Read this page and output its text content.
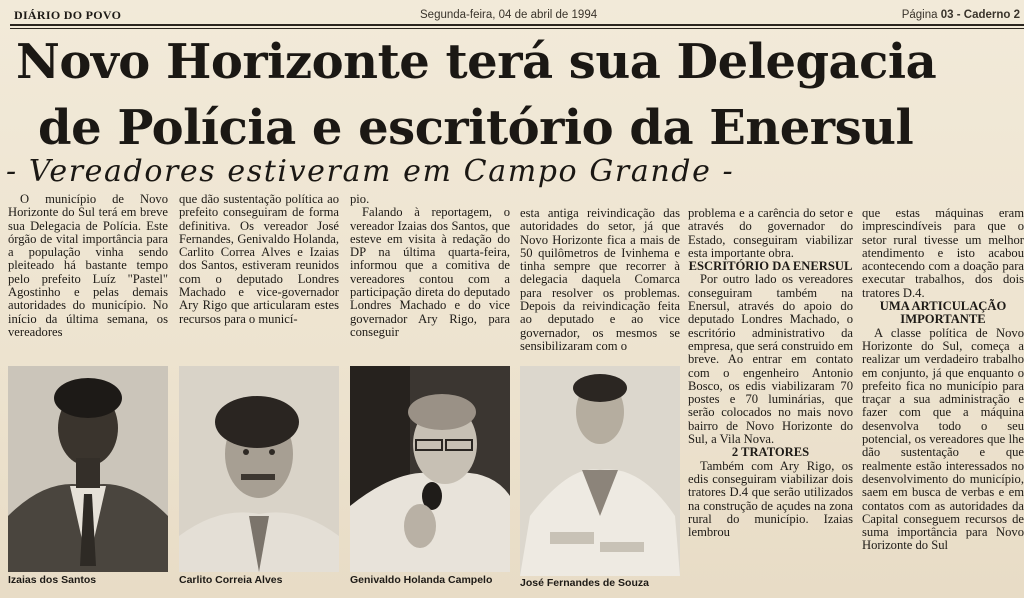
DIÁRIO DO POVO	Segunda-feira, 04 de abril de 1994	Página 03 - Caderno 2
Novo Horizonte terá sua Delegacia
de Polícia e escritório da Enersul
- Vereadores estiveram em Campo Grande -

O município de Novo Horizonte do Sul terá em breve sua Delegacia de Polícia. Este órgão de vital importância para a população vinha sendo pleiteado há bastante tempo pelo prefeito Luíz "Pastel" Agostinho e pelas demais autoridades do município. No início da última semana, os vereadores

que dão sustentação política ao prefeito conseguiram de forma definitiva. Os vereador José Fernandes, Genivaldo Holanda, Carlito Correa Alves e Izaias dos Santos, estiveram reunidos com o deputado Londres Machado e vice-governador Ary Rigo que articularam estes recursos para o municí-

pio.

Falando à reportagem, o vereador Izaias dos Santos, que esteve em visita à redação do DP na última quarta-feira, informou que a comitiva de vereadores contou com a participação direta do deputado Londres Machado e do vice governador Ary Rigo, para conseguir

esta antiga reivindicação das autoridades do setor, já que Novo Horizonte fica a mais de 50 quilômetros de Ivinhema e tinha sempre que recorrer à delegacia daquela Comarca para resolver os problemas. Depois da reivindicação feita ao deputado e ao vice governador, os mesmos se sensibilizaram com o

problema e a carência do setor e através do governador do Estado, conseguiram viabilizar esta importante obra.

ESCRITÓRIO DA ENERSUL

Por outro lado os vereadores conseguiram também na Enersul, através do apoio do deputado Londres Machado, o escritório administrativo da empresa, que será construido em breve. Ao entrar em contato com o engenheiro Antonio Bosco, os edis viabilizaram 70 postes e 70 luminárias, que serão colocados no mais novo bairro de Novo Horizonte do Sul, a Vila Nova.

2 TRATORES

Também com Ary Rigo, os edis conseguiram viabilizar dois tratores D.4 que serão utilizados na construção de açudes na zona rural do município. Izaias lembrou

que estas máquinas eram imprescindíveis para que o setor rural tivesse um melhor atendimento e isto acabou acontecendo com a doação para executar trabalhos, dos dois tratores D.4.

UMA ARTICULAÇÃO IMPORTANTE

A classe política de Novo Horizonte do Sul, começa a realizar um verdadeiro trabalho em conjunto, já que enquanto o prefeito fica no município para traçar a sua administração e fazer com que a máquina desenvolva todo o seu potencial, os vereadores que lhe dão sustentação e que realmente estão interessados no desenvolvimento do município, saem em busca de verbas e em contatos com as autoridades da Capital conseguem recursos de suma importância para Novo Horizonte do Sul

Izaias dos Santos	Carlito Correia Alves	Genivaldo Holanda Campelo	José Fernandes de Souza
